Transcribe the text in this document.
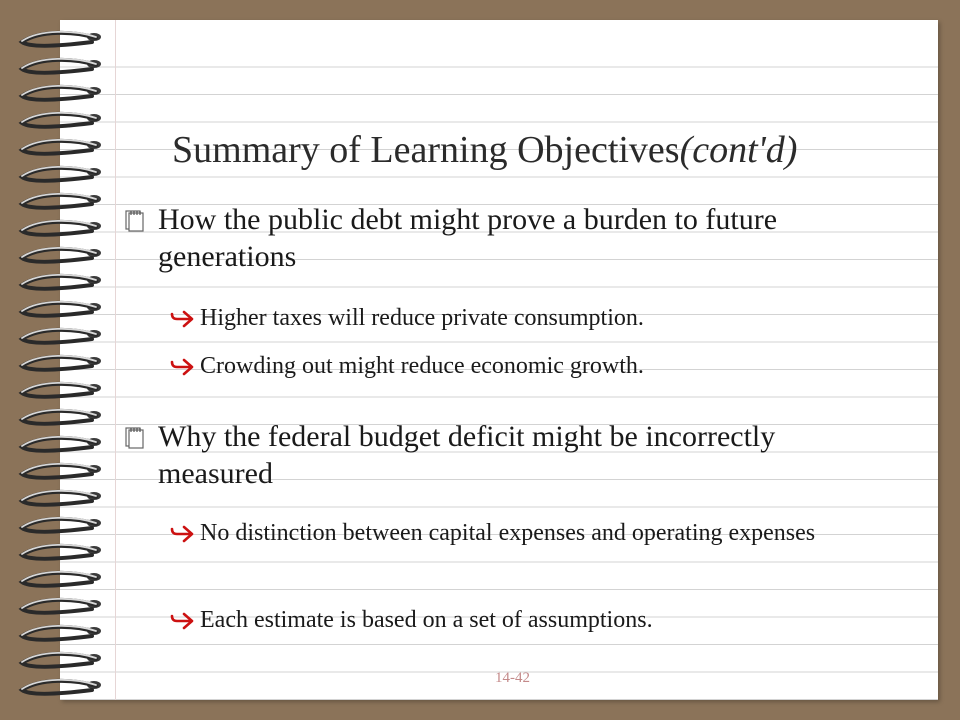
Summary of Learning Objectives(cont'd)
How the public debt might prove a burden to future generations
Higher taxes will reduce private consumption.
Crowding out might reduce economic growth.
Why the federal budget deficit might be incorrectly measured
No distinction between capital expenses and operating expenses
Each estimate is based on a set of assumptions.
14-42
